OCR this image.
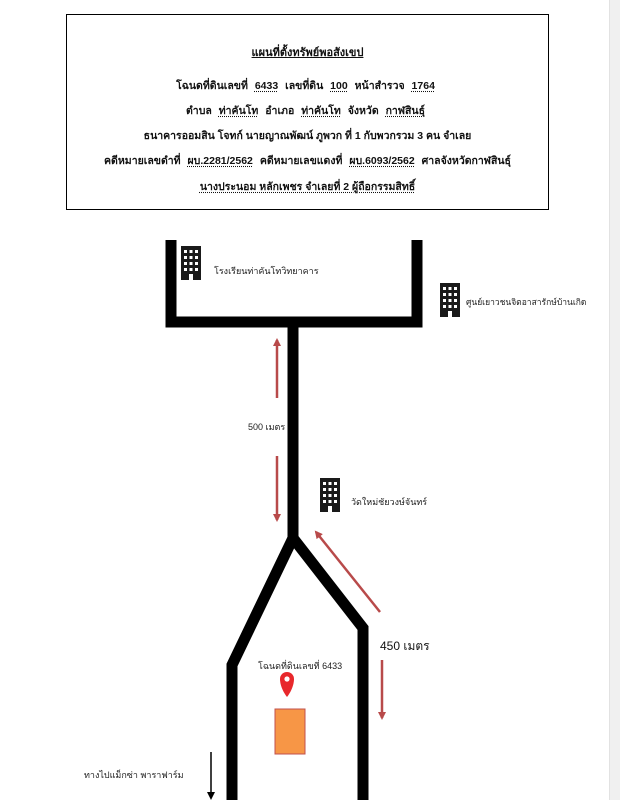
แผนที่ตั้งทรัพย์พอสังเขป
โฉนดที่ดินเลขที่ 6433 เลขที่ดิน 100 หน้าสำรวจ 1764
ตำบล ท่าคันโท อำเภอ ท่าคันโท จังหวัด กาฬสินธุ์
ธนาคารออมสิน โจทก์ นายญาณพัฒน์ ภูพวก ที่ 1 กับพวกรวม 3 คน จำเลย
คดีหมายเลขดำที่ ผบ.2281/2562 คดีหมายเลขแดงที่ ผบ.6093/2562 ศาลจังหวัดกาฬสินธุ์
นางประนอม หลักเพชร จำเลยที่ 2 ผู้ถือกรรมสิทธิ์
โรงเรียนท่าคันโทวิทยาคาร
ศูนย์เยาวชนจิตอาสารักษ์บ้านเกิด
วัดใหม่ชัยวงษ์จันทร์
500 เมตร
450 เมตร
โฉนดที่ดินเลขที่ 6433
ทางไปแม็กซ่า พาราฟาร์ม
